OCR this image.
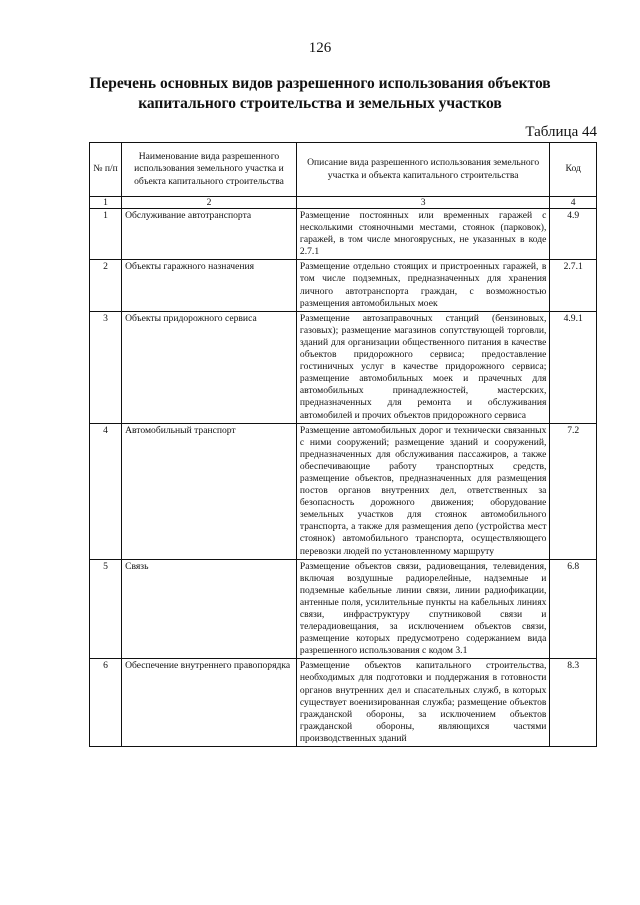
126
Перечень основных видов разрешенного использования объектов капитального строительства и земельных участков
Таблица 44
№ п/п	Наименование вида разрешенного использования земельного участка и объекта капитального строительства	Описание вида разрешенного использования земельного участка и объекта капитального строительства	Код
1	2	3	4
1	Обслуживание автотранспорта	Размещение постоянных или временных гаражей с несколькими стояночными местами, стоянок (парковок), гаражей, в том числе многоярусных, не указанных в коде 2.7.1	4.9
2	Объекты гаражного назначения	Размещение отдельно стоящих и пристроенных гаражей, в том числе подземных, предназначенных для хранения личного автотранспорта граждан, с возможностью размещения автомобильных моек	2.7.1
3	Объекты придорожного сервиса	Размещение автозаправочных станций (бензиновых, газовых); размещение магазинов сопутствующей торговли, зданий для организации общественного питания в качестве объектов придорожного сервиса; предоставление гостиничных услуг в качестве придорожного сервиса; размещение автомобильных моек и прачечных для автомобильных принадлежностей, мастерских, предназначенных для ремонта и обслуживания автомобилей и прочих объектов придорожного сервиса	4.9.1
4	Автомобильный транспорт	Размещение автомобильных дорог и технически связанных с ними сооружений; размещение зданий и сооружений, предназначенных для обслуживания пассажиров, а также обеспечивающие работу транспортных средств, размещение объектов, предназначенных для размещения постов органов внутренних дел, ответственных за безопасность дорожного движения; оборудование земельных участков для стоянок автомобильного транспорта, а также для размещения депо (устройства мест стоянок) автомобильного транспорта, осуществляющего перевозки людей по установленному маршруту	7.2
5	Связь	Размещение объектов связи, радиовещания, телевидения, включая воздушные радиорелейные, надземные и подземные кабельные линии связи, линии радиофикации, антенные поля, усилительные пункты на кабельных линиях связи, инфраструктуру спутниковой связи и телерадиовещания, за исключением объектов связи, размещение которых предусмотрено содержанием вида разрешенного использования с кодом 3.1	6.8
6	Обеспечение внутреннего правопорядка	Размещение объектов капитального строительства, необходимых для подготовки и поддержания в готовности органов внутренних дел и спасательных служб, в которых существует военизированная служба; размещение объектов гражданской обороны, за исключением объектов гражданской обороны, являющихся частями производственных зданий	8.3
